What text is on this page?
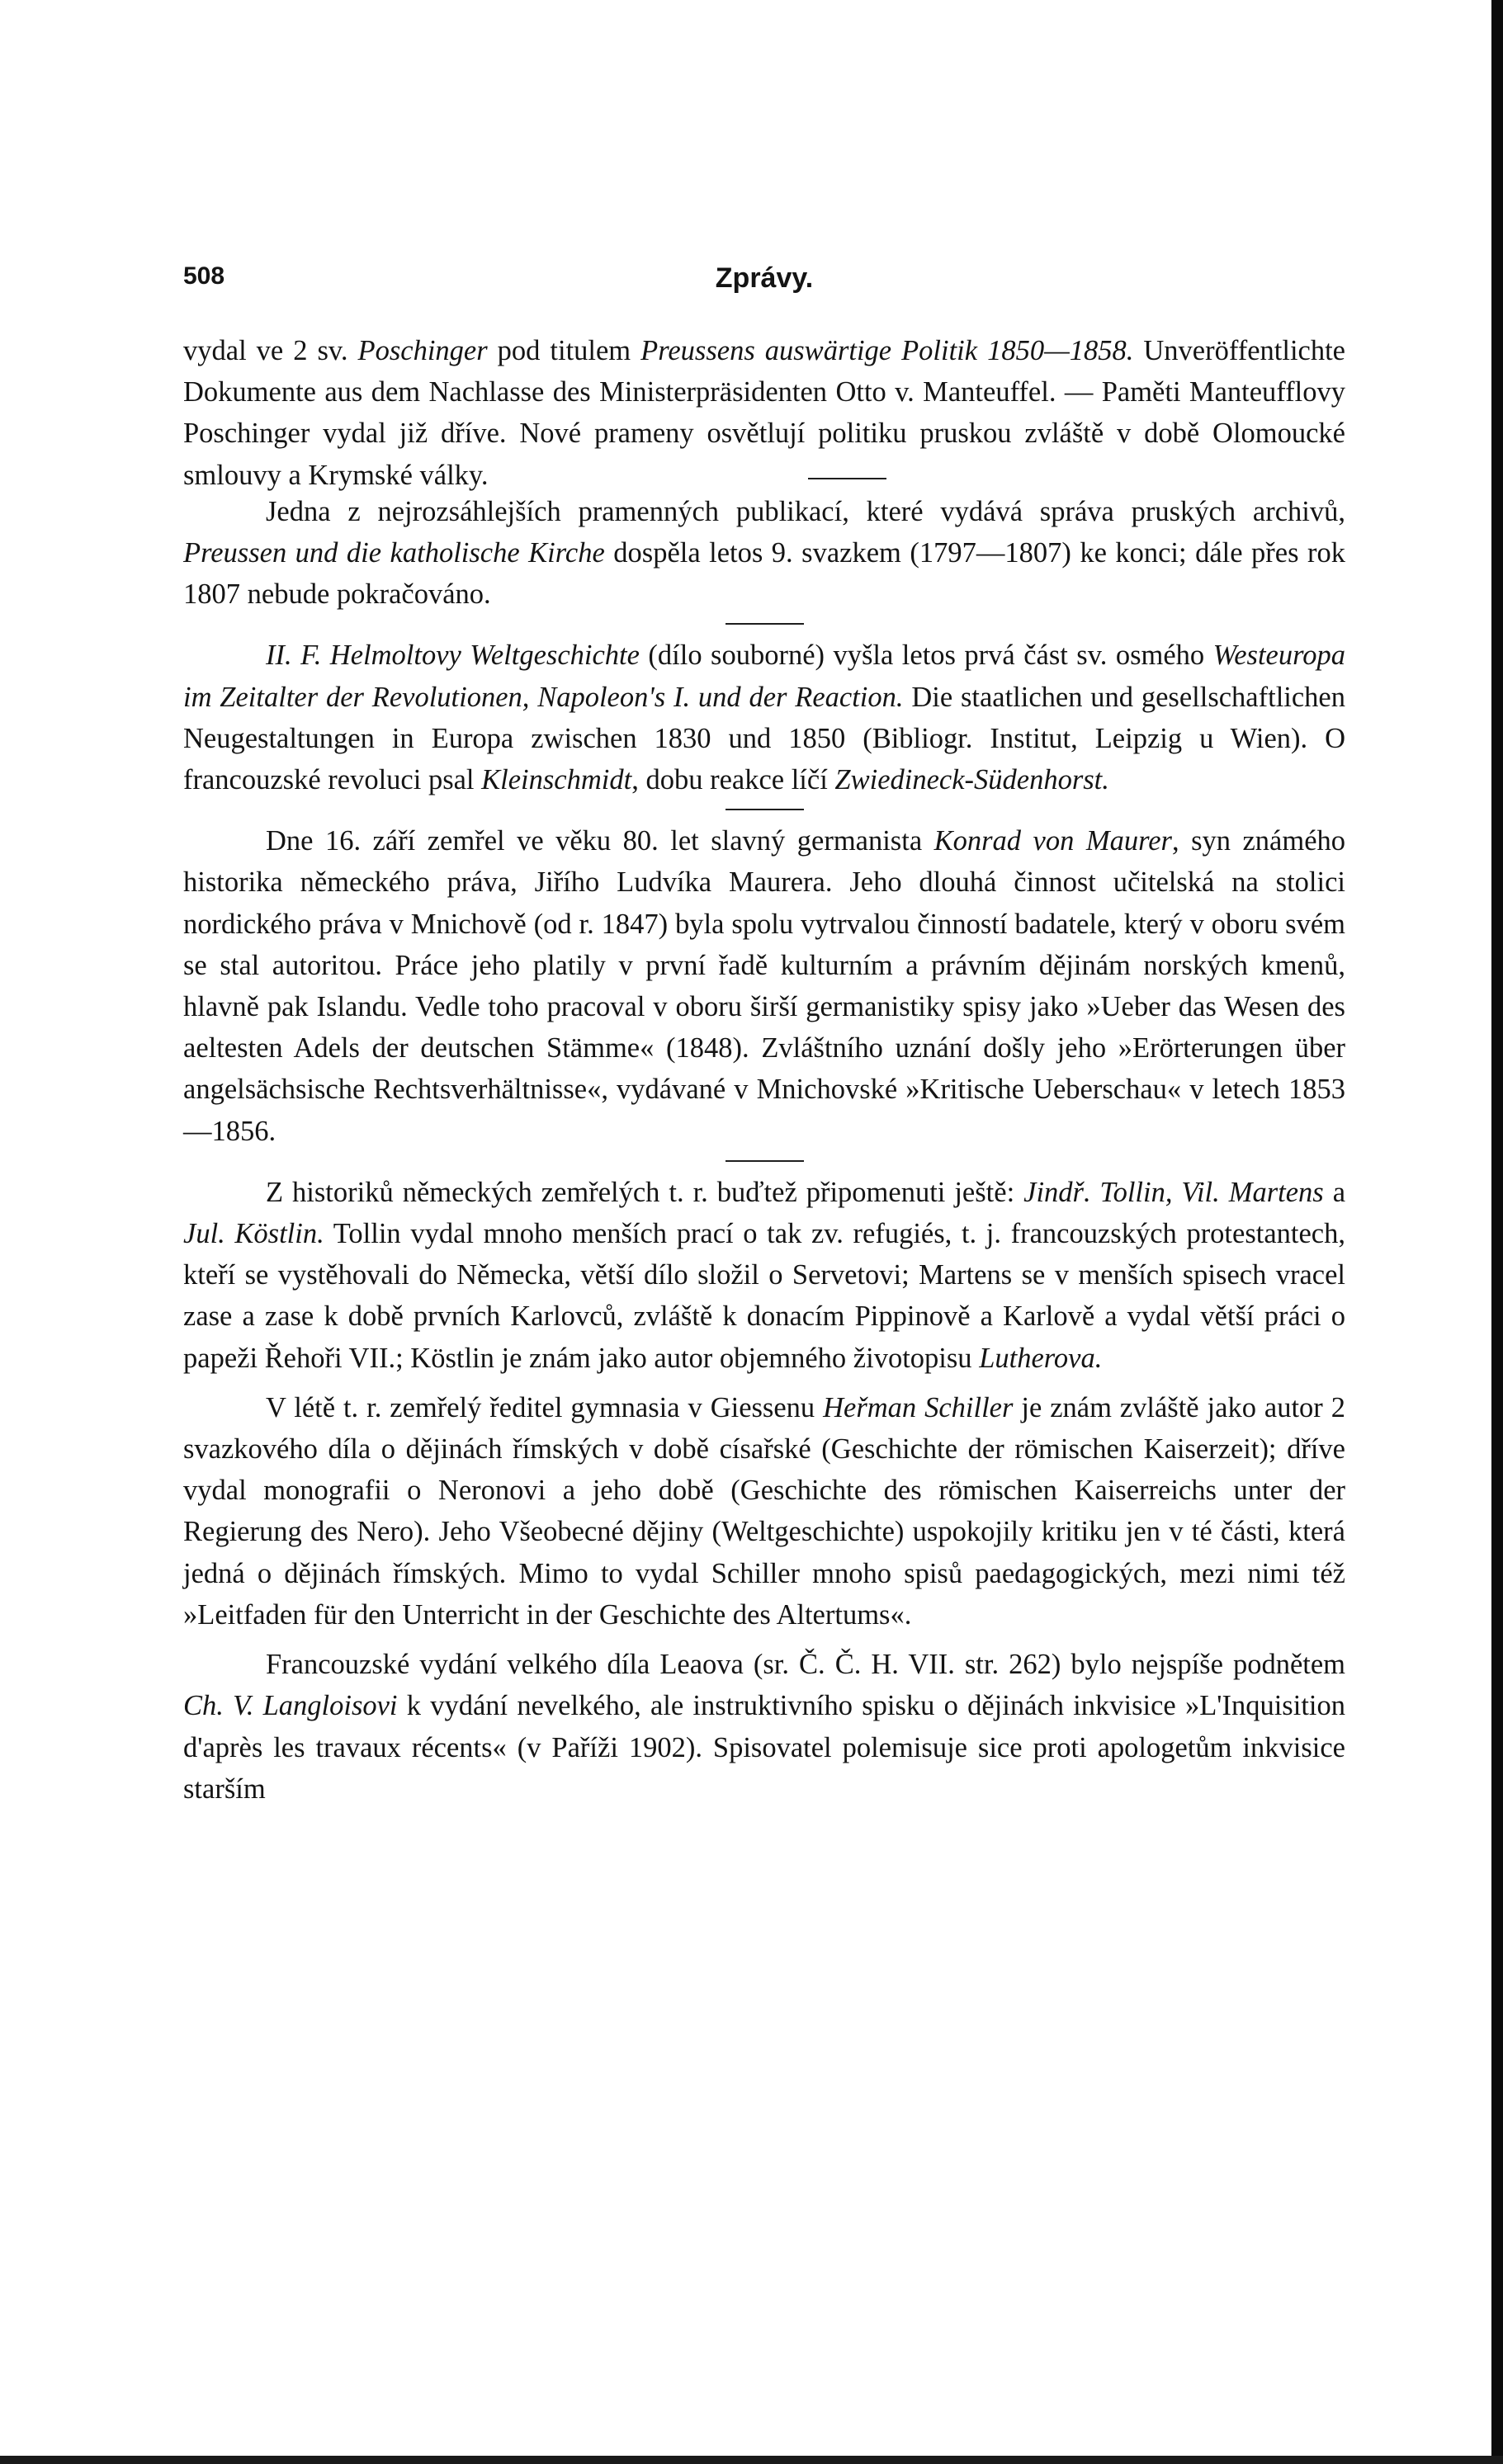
508	Zprávy.

vydal ve 2 sv. Poschinger pod titulem Preussens auswärtige Politik 1850—1858. Unveröffentlichte Dokumente aus dem Nachlasse des Ministerpräsidenten Otto v. Manteuffel. — Paměti Manteufflovy Poschinger vydal již dříve. Nové prameny osvětlují politiku pruskou zvláště v době Olomoucké smlouvy a Krymské války.

Jedna z nejrozsáhlejších pramenných publikací, které vydává správa pruských archivů, Preussen und die katholische Kirche dospěla letos 9. svazkem (1797—1807) ke konci; dále přes rok 1807 nebude pokračováno.

II. F. Helmoltovy Weltgeschichte (dílo souborné) vyšla letos prvá část sv. osmého Westeuropa im Zeitalter der Revolutionen, Napoleon's I. und der Reaction. Die staatlichen und gesellschaftlichen Neugestaltungen in Europa zwischen 1830 und 1850 (Bibliogr. Institut, Leipzig u Wien). O francouzské revoluci psal Kleinschmidt, dobu reakce líčí Zwiedineck-Südenhorst.

Dne 16. září zemřel ve věku 80. let slavný germanista Konrad von Maurer, syn známého historika německého práva, Jiřího Ludvíka Maurera. Jeho dlouhá činnost učitelská na stolici nordického práva v Mnichově (od r. 1847) byla spolu vytrvalou činností badatele, který v oboru svém se stal autoritou. Práce jeho platily v první řadě kulturním a právním dějinám norských kmenů, hlavně pak Islandu. Vedle toho pracoval v oboru širší germanistiky spisy jako »Ueber das Wesen des aeltesten Adels der deutschen Stämme« (1848). Zvláštního uznání došly jeho »Erörterungen über angelsächsische Rechtsverhältnisse«, vydávané v Mnichovské »Kritische Ueberschau« v letech 1853—1856.

Z historiků německých zemřelých t. r. buďtež připomenuti ještě: Jindř. Tollin, Vil. Martens a Jul. Köstlin. Tollin vydal mnoho menších prací o tak zv. refugiés, t. j. francouzských protestantech, kteří se vystěhovali do Německa, větší dílo složil o Servetovi; Martens se v menších spisech vracel zase a zase k době prvních Karlovců, zvláště k donacím Pippinově a Karlově a vydal větší práci o papeži Řehoři VII.; Köstlin je znám jako autor objemného životopisu Lutherova.

V létě t. r. zemřelý ředitel gymnasia v Giessenu Heřman Schiller je znám zvláště jako autor 2 svazkového díla o dějinách římských v době císařské (Geschichte der römischen Kaiserzeit); dříve vydal monografii o Neronovi a jeho době (Geschichte des römischen Kaiserreichs unter der Regierung des Nero). Jeho Všeobecné dějiny (Weltgeschichte) uspokojily kritiku jen v té části, která jedná o dějinách římských. Mimo to vydal Schiller mnoho spisů paedagogických, mezi nimi též »Leitfaden für den Unterricht in der Geschichte des Altertums«.

Francouzské vydání velkého díla Leaova (sr. Č. Č. H. VII. str. 262) bylo nejspíše podnětem Ch. V. Langloisovi k vydání nevelkého, ale instruktivního spisku o dějinách inkvisice »L'Inquisition d'après les travaux récents« (v Paříži 1902). Spisovatel polemisuje sice proti apologetům inkvisice starším
